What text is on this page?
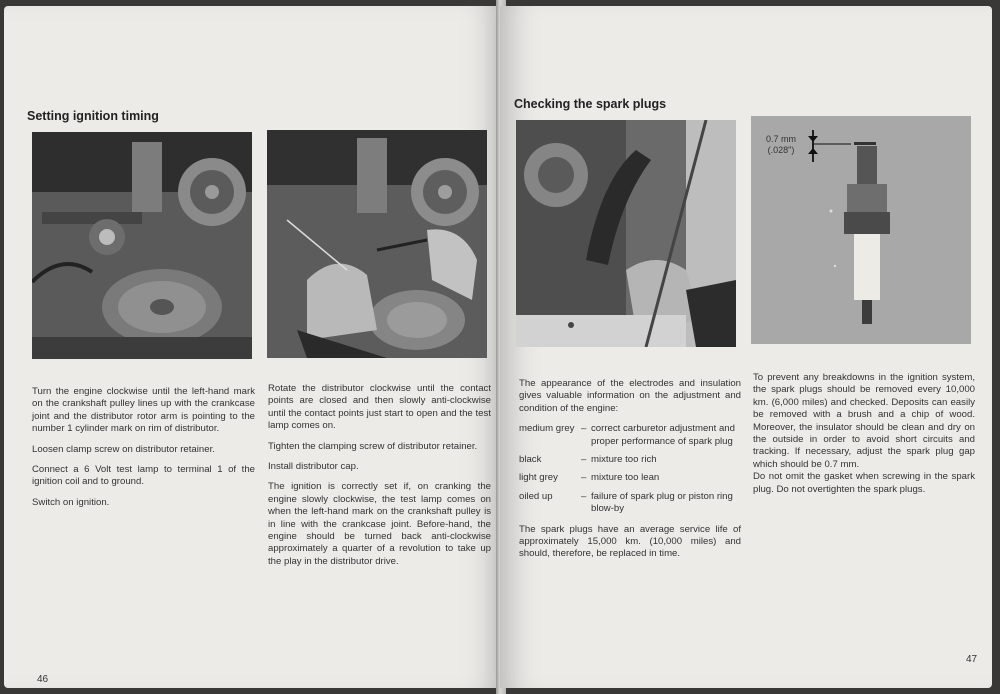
Setting ignition timing

Turn the engine clockwise until the left-hand mark on the crankshaft pulley lines up with the crankcase joint and the distributor rotor arm is pointing to the number 1 cylinder mark on rim of distributor.

Loosen clamp screw on distributor retainer.

Connect a 6 Volt test lamp to terminal 1 of the ignition coil and to ground.

Switch on ignition.

Rotate the distributor clockwise until the contact points are closed and then slowly anti-clockwise until the contact points just start to open and the test lamp comes on.

Tighten the clamping screw of distributor retainer.

Install distributor cap.

The ignition is correctly set if, on cranking the engine slowly clockwise, the test lamp comes on when the left-hand mark on the crankshaft pulley is in line with the crankcase joint. Before-hand, the engine should be turned back anti-clockwise approximately a quarter of a revolution to take up the play in the distributor drive.

46
Checking the spark plugs
0.7 mm
(.028")

The appearance of the electrodes and insulation gives valuable information on the adjustment and condition of the engine:

medium grey – correct carburetor adjustment and proper performance of spark plug
black	– mixture too rich
light grey	– mixture too lean
oiled up	– failure of spark plug or piston ring blow-by

The spark plugs have an average service life of approximately 15,000 km. (10,000 miles) and should, therefore, be replaced in time.

To prevent any breakdowns in the ignition system, the spark plugs should be removed every 10,000 km. (6,000 miles) and checked. Deposits can easily be removed with a brush and a chip of wood. Moreover, the insulator should be clean and dry on the outside in order to avoid short circuits and tracking. If necessary, adjust the spark plug gap which should be 0.7 mm.

Do not omit the gasket when screwing in the spark plug. Do not overtighten the spark plugs.

47
